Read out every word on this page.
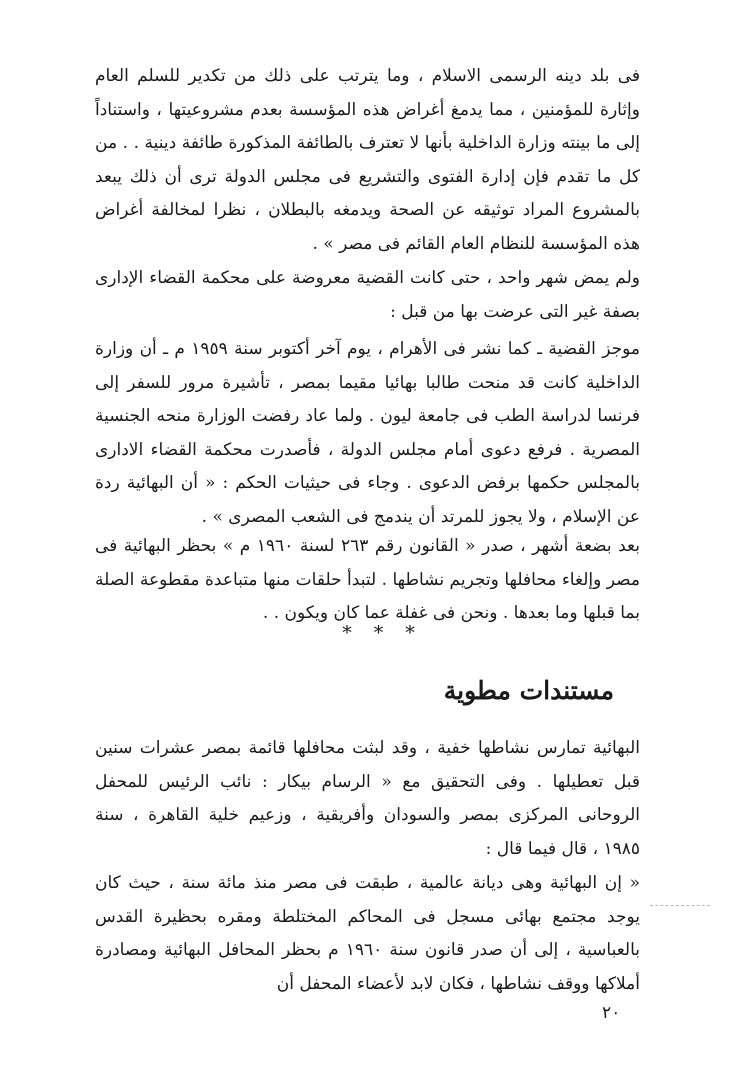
فى بلد دينه الرسمى الاسلام ، وما يترتب على ذلك من تكدير للسلم العام وإثارة للمؤمنين ، مما يدمغ أغراض هذه المؤسسة بعدم مشروعيتها ، واستناداً إلى ما بينته وزارة الداخلية بأنها لا تعترف بالطائفة المذكورة طائفة دينية . . من كل ما تقدم فإن إدارة الفتوى والتشريع فى مجلس الدولة ترى أن ذلك يبعد بالمشروع المراد توثيقه عن الصحة ويدمغه بالبطلان ، نظرا لمخالفة أغراض هذه المؤسسة للنظام العام القائم فى مصر » .

ولم يمض شهر واحد ، حتى كانت القضية معروضة على محكمة القضاء الإدارى بصفة غير التى عرضت بها من قبل :

موجز القضية ـ كما نشر فى الأهرام ، يوم آخر أكتوبر سنة ١٩٥٩ م ـ أن وزارة الداخلية كانت قد منحت طالبا بهائيا مقيما بمصر ، تأشيرة مرور للسفر إلى فرنسا لدراسة الطب فى جامعة ليون . ولما عاد رفضت الوزارة منحه الجنسية المصرية . فرفع دعوى أمام مجلس الدولة ، فأصدرت محكمة القضاء الادارى بالمجلس حكمها برفض الدعوى . وجاء فى حيثيات الحكم : « أن البهائية ردة عن الإسلام ، ولا يجوز للمرتد أن يندمج فى الشعب المصرى » .

بعد بضعة أشهر ، صدر « القانون رقم ٢٦٣ لسنة ١٩٦٠ م » بحظر البهائية فى مصر وإلغاء محافلها وتجريم نشاطها . لتبدأ حلقات منها متباعدة مقطوعة الصلة بما قبلها وما بعدها . ونحن فى غفلة عما كان ويكون . .

* * *
مستندات مطوية

البهائية تمارس نشاطها خفية ، وقد لبثت محافلها قائمة بمصر عشرات سنين قبل تعطيلها . وفى التحقيق مع « الرسام بيكار : نائب الرئيس للمحفل الروحانى المركزى بمصر والسودان وأفريقية ، وزعيم خلية القاهرة ، سنة ١٩٨٥ ، قال فيما قال :

« إن البهائية وهى ديانة عالمية ، طبقت فى مصر منذ مائة سنة ، حيث كان يوجد مجتمع بهائى مسجل فى المحاكم المختلطة ومقره بحظيرة القدس بالعباسية ، إلى أن صدر قانون سنة ١٩٦٠ م بحظر المحافل البهائية ومصادرة أملاكها ووقف نشاطها ، فكان لابد لأعضاء المحفل أن

٢٠
